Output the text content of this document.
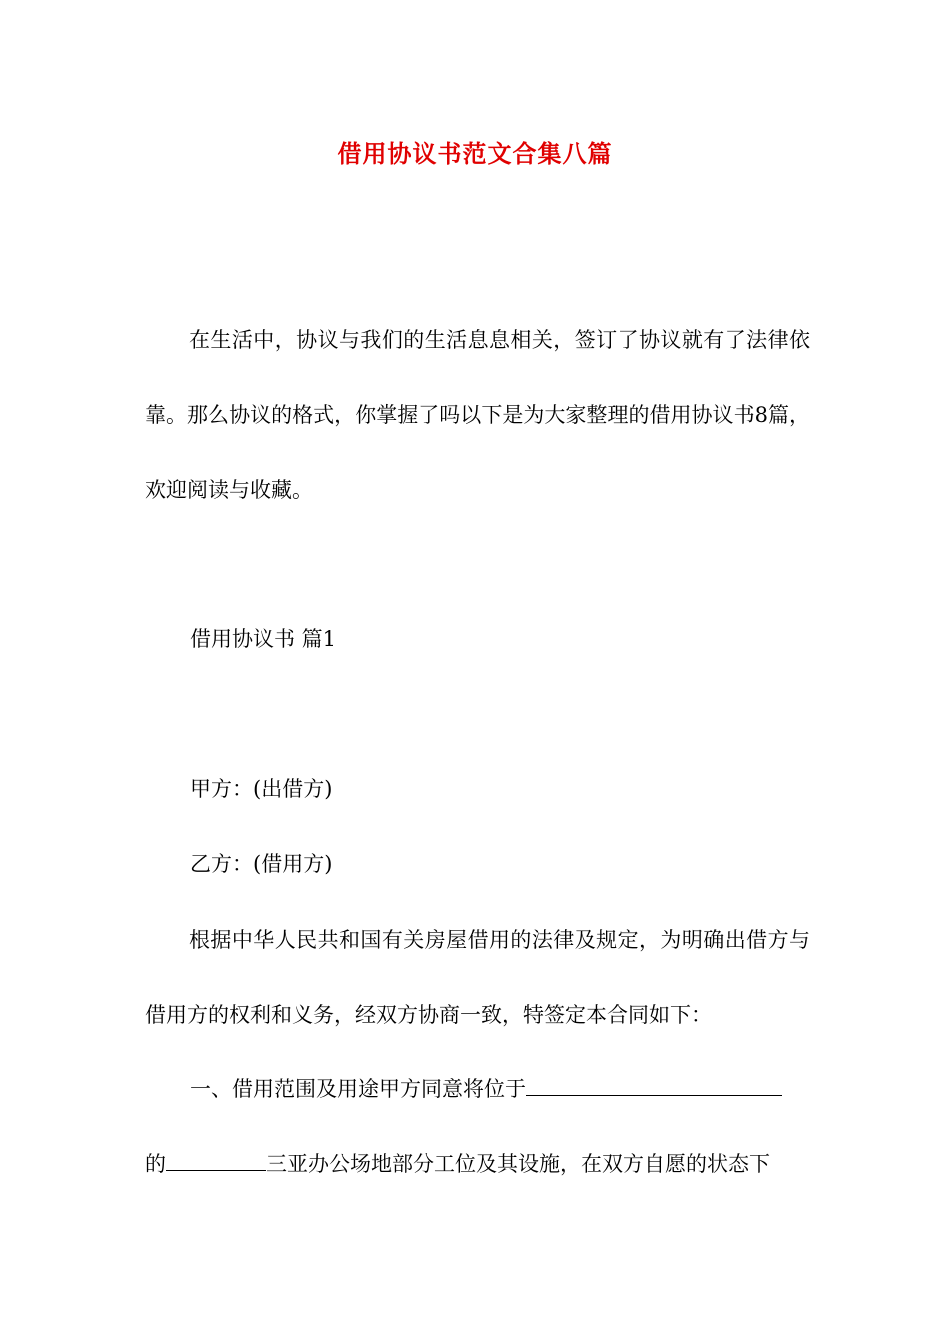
借用协议书范文合集八篇

在生活中，协议与我们的生活息息相关，签订了协议就有了法律依靠。那么协议的格式，你掌握了吗以下是为大家整理的借用协议书8篇，欢迎阅读与收藏。

借用协议书 篇1
甲方：(出借方)
乙方：(借用方)

根据中华人民共和国有关房屋借用的法律及规定，为明确出借方与借用方的权利和义务，经双方协商一致，特签定本合同如下：

一、借用范围及用途甲方同意将位于
的	三亚办公场地部分工位及其设施，在双方自愿的状态下
